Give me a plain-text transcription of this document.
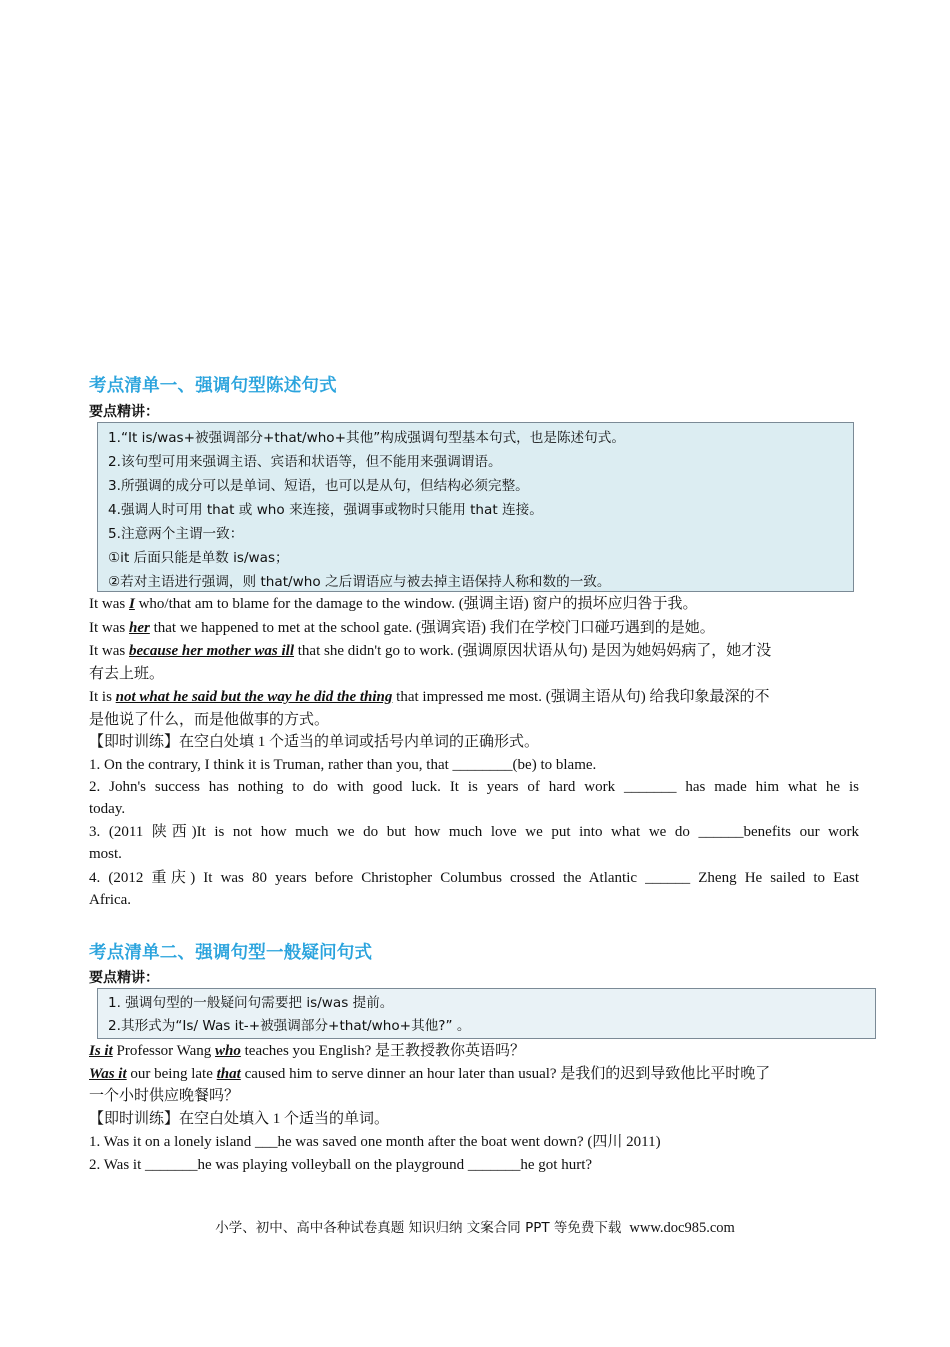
考点清单一、强调句型陈述句式
要点精讲：
1.“It is/was+被强调部分+that/who+其他”构成强调句型基本句式，也是陈述句式。
2.该句型可用来强调主语、宾语和状语等，但不能用来强调谓语。
3.所强调的成分可以是单词、短语，也可以是从句，但结构必须完整。
4.强调人时可用 that 或 who 来连接，强调事或物时只能用 that 连接。
5.注意两个主谓一致：
①it 后面只能是单数 is/was；
②若对主语进行强调，则 that/who 之后谓语应与被去掉主语保持人称和数的一致。
It was I who/that am to blame for the damage to the window. (强调主语) 窗户的损坏应归咎于我。
It was her that we happened to met at the school gate. (强调宾语) 我们在学校门口碰巧遇到的是她。
It was because her mother was ill that she didn't go to work. (强调原因状语从句) 是因为她妈妈病了，她才没
有去上班。
It is not what he said but the way he did the thing that impressed me most. (强调主语从句) 给我印象最深的不
是他说了什么，而是他做事的方式。
【即时训练】在空白处填 1 个适当的单词或括号内单词的正确形式。
1. On the contrary, I think it is Truman, rather than you, that ________(be) to blame.
2. John's success has nothing to do with good luck. It is years of hard work _______ has made him what he is
today.
3. (2011 陕西)It is not how much we do but how much love we put into what we do ______benefits our work
most.
4. (2012 重庆) It was 80 years before Christopher Columbus crossed the Atlantic ______ Zheng He sailed to East
Africa.
考点清单二、强调句型一般疑问句式
要点精讲：
1. 强调句型的一般疑问句需要把 is/was 提前。
2.其形式为“Is/ Was it-+被强调部分+that/who+其他?” 。
Is it Professor Wang who teaches you English? 是王教授教你英语吗？
Was it our being late that caused him to serve dinner an hour later than usual? 是我们的迟到导致他比平时晚了
一个小时供应晚餐吗？
【即时训练】在空白处填入 1 个适当的单词。
1. Was it on a lonely island ___he was saved one month after the boat went down? (四川 2011)
2. Was it _______he was playing volleyball on the playground _______he got hurt?
小学、初中、高中各种试卷真题 知识归纳 文案合同 PPT 等免费下载 www.doc985.com
